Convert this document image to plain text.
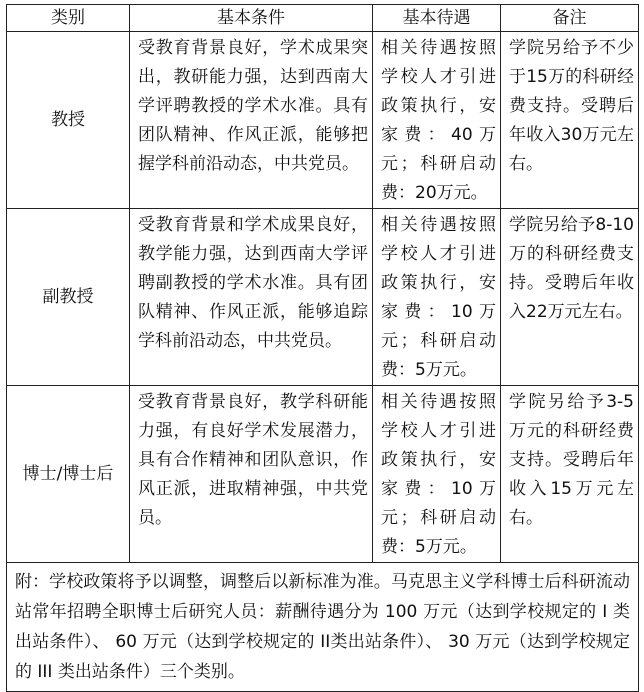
类别	基本条件	基本待遇	备注
教授	受教育背景良好，学术成果突出，教研能力强，达到西南大学评聘教授的学术水准。具有团队精神、作风正派，能够把握学科前沿动态，中共党员。	相关待遇按照学校人才引进政策执行，安家费：40万元；科研启动费：20万元。	学院另给予不少于15万的科研经费支持。受聘后年收入30万元左右。
副教授	受教育背景和学术成果良好，教学能力强，达到西南大学评聘副教授的学术水准。具有团队精神、作风正派，能够追踪学科前沿动态，中共党员。	相关待遇按照学校人才引进政策执行，安家费：10万元；科研启动费：5万元。	学院另给予8-10万的科研经费支持。受聘后年收入22万元左右。
博士/博士后	受教育背景良好，教学科研能力强，有良好学术发展潜力，具有合作精神和团队意识，作风正派，进取精神强，中共党员。	相关待遇按照学校人才引进政策执行，安家费：10万元；科研启动费：5万元。	学院另给予3-5万元的科研经费支持。受聘后年收入15万元左右。
附：学校政策将予以调整，调整后以新标准为准。马克思主义学科博士后科研流动站常年招聘全职博士后研究人员：薪酬待遇分为 100 万元（达到学校规定的 I 类出站条件）、 60 万元（达到学校规定的 II类出站条件）、 30 万元（达到学校规定的 III 类出站条件）三个类别。			
